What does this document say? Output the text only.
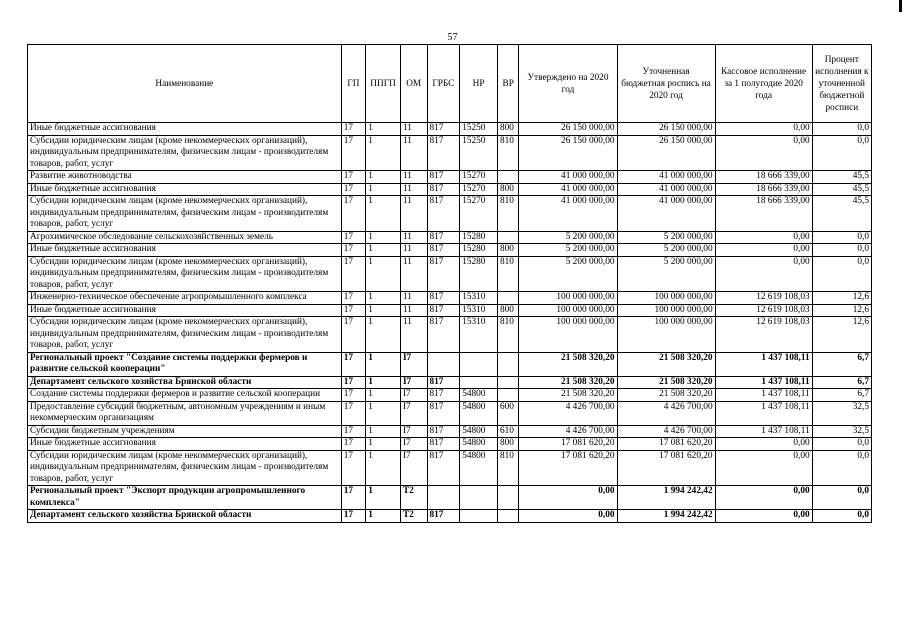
57
Наименование	ГП	ППГП	ОМ	ГРБС	НР	ВР	Утверждено на 2020 год	Уточненная бюджетная роспись на 2020 год	Кассовое исполнение за 1 полугодие 2020 года	Процент исполнения к уточненной бюджетной росписи
Иные бюджетные ассигнования	17	1	11	817	15250	800	26 150 000,00	26 150 000,00	0,00	0,0
Субсидии юридическим лицам (кроме некоммерческих организаций), индивидуальным предпринимателям, физическим лицам - производителям товаров, работ, услуг	17	1	11	817	15250	810	26 150 000,00	26 150 000,00	0,00	0,0
Развитие животноводства	17	1	11	817	15270		41 000 000,00	41 000 000,00	18 666 339,00	45,5
Иные бюджетные ассигнования	17	1	11	817	15270	800	41 000 000,00	41 000 000,00	18 666 339,00	45,5
Субсидии юридическим лицам (кроме некоммерческих организаций), индивидуальным предпринимателям, физическим лицам - производителям товаров, работ, услуг	17	1	11	817	15270	810	41 000 000,00	41 000 000,00	18 666 339,00	45,5
Агрохимическое обследование сельскохозяйственных земель	17	1	11	817	15280		5 200 000,00	5 200 000,00	0,00	0,0
Иные бюджетные ассигнования	17	1	11	817	15280	800	5 200 000,00	5 200 000,00	0,00	0,0
Субсидии юридическим лицам (кроме некоммерческих организаций), индивидуальным предпринимателям, физическим лицам - производителям товаров, работ, услуг	17	1	11	817	15280	810	5 200 000,00	5 200 000,00	0,00	0,0
Инженерно-техническое обеспечение агропромышленного комплекса	17	1	11	817	15310		100 000 000,00	100 000 000,00	12 619 108,03	12,6
Иные бюджетные ассигнования	17	1	11	817	15310	800	100 000 000,00	100 000 000,00	12 619 108,03	12,6
Субсидии юридическим лицам (кроме некоммерческих организаций), индивидуальным предпринимателям, физическим лицам - производителям товаров, работ, услуг	17	1	11	817	15310	810	100 000 000,00	100 000 000,00	12 619 108,03	12,6
Региональный проект "Создание системы поддержки фермеров и развитие сельской кооперации"	17	1	I7				21 508 320,20	21 508 320,20	1 437 108,11	6,7
Департамент сельского хозяйства Брянской области	17	1	I7	817			21 508 320,20	21 508 320,20	1 437 108,11	6,7
Создание системы поддержки фермеров и развитие сельской кооперации	17	1	I7	817	54800		21 508 320,20	21 508 320,20	1 437 108,11	6,7
Предоставление субсидий бюджетным, автономным учреждениям и иным некоммерческим организациям	17	1	I7	817	54800	600	4 426 700,00	4 426 700,00	1 437 108,11	32,5
Субсидии бюджетным учреждениям	17	1	I7	817	54800	610	4 426 700,00	4 426 700,00	1 437 108,11	32,5
Иные бюджетные ассигнования	17	1	I7	817	54800	800	17 081 620,20	17 081 620,20	0,00	0,0
Субсидии юридическим лицам (кроме некоммерческих организаций), индивидуальным предпринимателям, физическим лицам - производителям товаров, работ, услуг	17	1	I7	817	54800	810	17 081 620,20	17 081 620,20	0,00	0,0
Региональный проект "Экспорт продукции агропромышленного комплекса"	17	1	T2				0,00	1 994 242,42	0,00	0,0
Департамент сельского хозяйства Брянской области	17	1	T2	817			0,00	1 994 242,42	0,00	0,0
